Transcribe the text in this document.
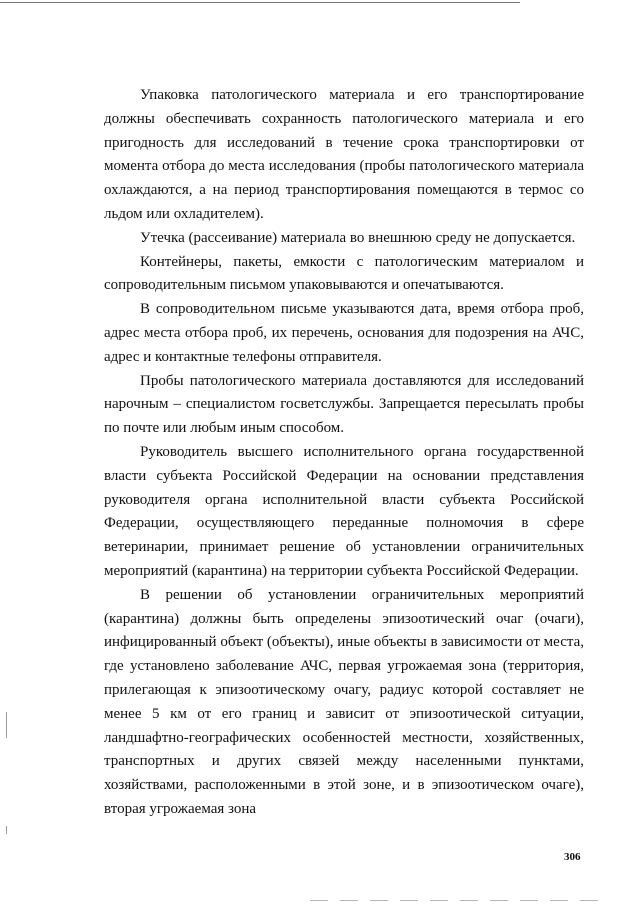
Упаковка патологического материала и его транспортирование должны обеспечивать сохранность патологического материала и его пригодность для исследований в течение срока транспортировки от момента отбора до места исследования (пробы патологического материала охлаждаются, а на период транспортирования помещаются в термос со льдом или охладителем).

Утечка (рассеивание) материала во внешнюю среду не допускается.

Контейнеры, пакеты, емкости с патологическим материалом и сопроводительным письмом упаковываются и опечатываются.

В сопроводительном письме указываются дата, время отбора проб, адрес места отбора проб, их перечень, основания для подозрения на АЧС, адрес и контактные телефоны отправителя.

Пробы патологического материала доставляются для исследований нарочным – специалистом госветслужбы. Запрещается пересылать пробы по почте или любым иным способом.

Руководитель высшего исполнительного органа государственной власти субъекта Российской Федерации на основании представления руководителя органа исполнительной власти субъекта Российской Федерации, осуществляющего переданные полномочия в сфере ветеринарии, принимает решение об установлении ограничительных мероприятий (карантина) на территории субъекта Российской Федерации.

В решении об установлении ограничительных мероприятий (карантина) должны быть определены эпизоотический очаг (очаги), инфицированный объект (объекты), иные объекты в зависимости от места, где установлено заболевание АЧС, первая угрожаемая зона (территория, прилегающая к эпизоотическому очагу, радиус которой составляет не менее 5 км от его границ и зависит от эпизоотической ситуации, ландшафтно-географических особенностей местности, хозяйственных, транспортных и других связей между населенными пунктами, хозяйствами, расположенными в этой зоне, и в эпизоотическом очаге), вторая угрожаемая зона

306
